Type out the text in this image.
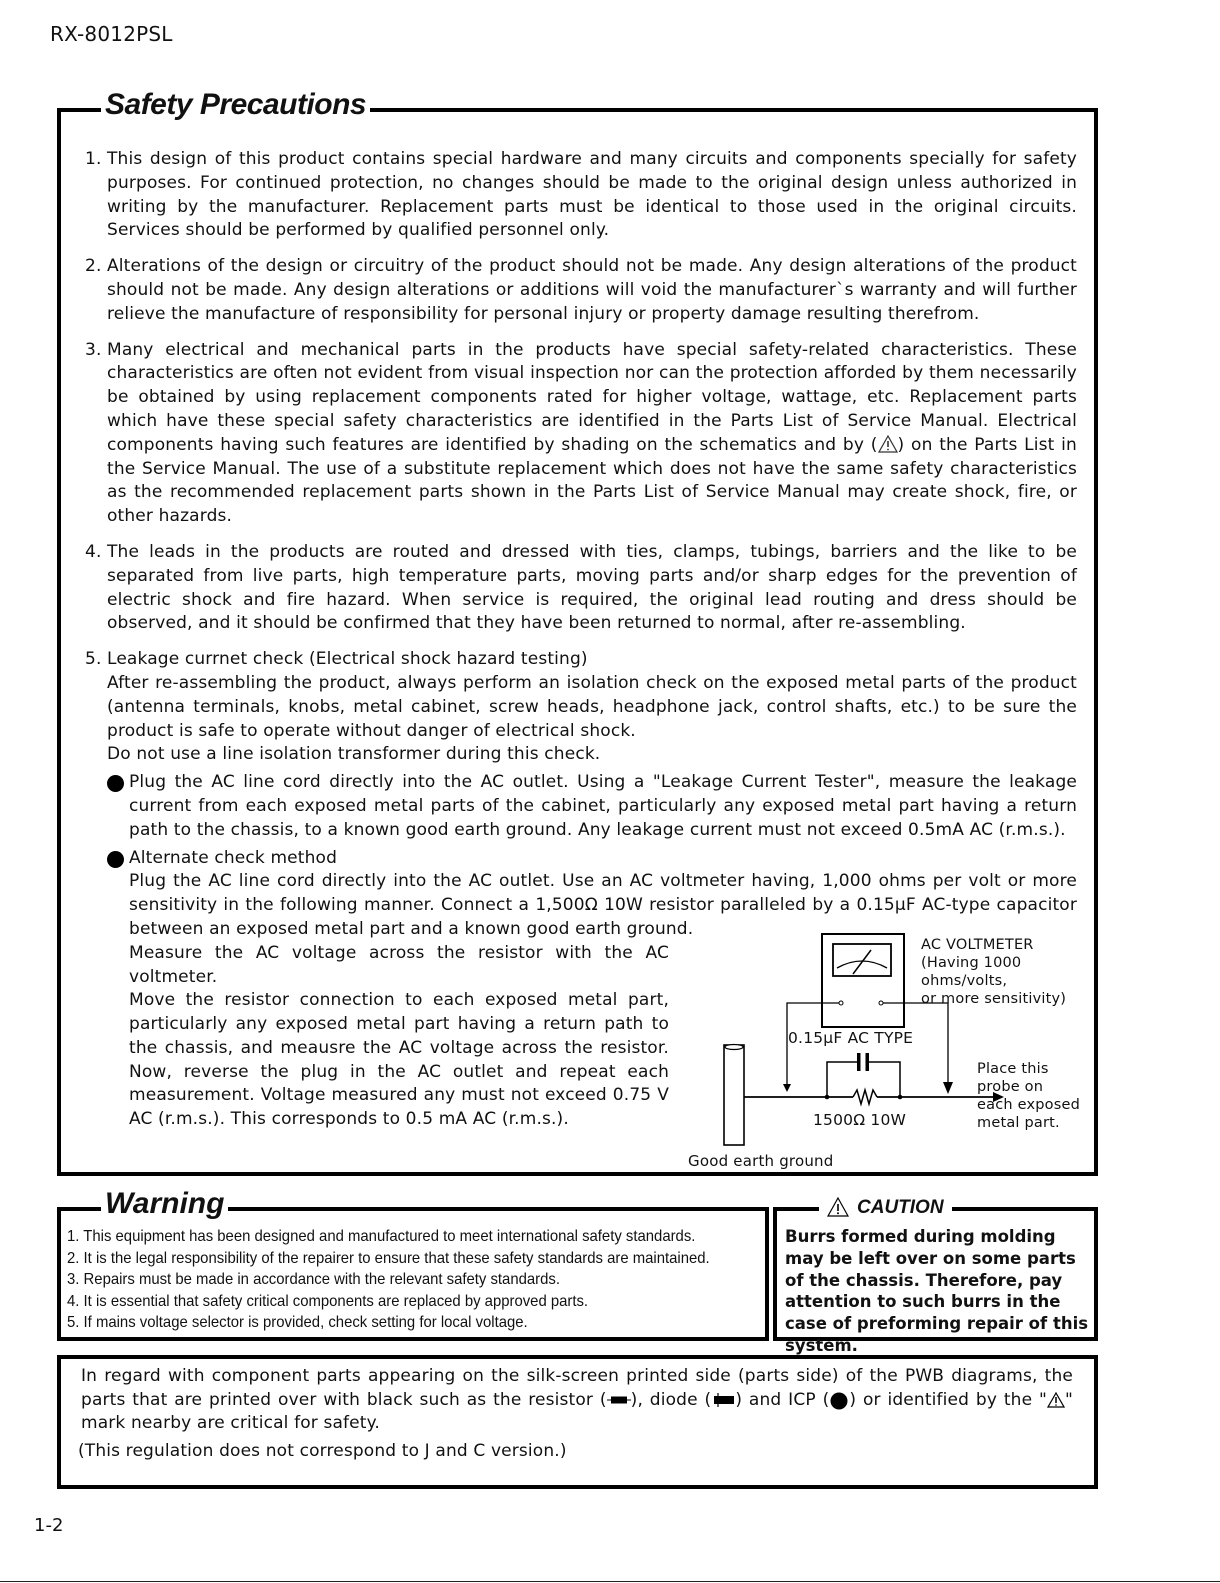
RX-8012PSL
Safety Precautions
1. This design of this product contains special hardware and many circuits and components specially for safety purposes. For continued protection, no changes should be made to the original design unless authorized in writing by the manufacturer. Replacement parts must be identical to those used in the original circuits. Services should be performed by qualified personnel only.

2. Alterations of the design or circuitry of the product should not be made. Any design alterations of the product should not be made. Any design alterations or additions will void the manufacturer`s warranty and will further relieve the manufacture of responsibility for personal injury or property damage resulting therefrom.

3. Many electrical and mechanical parts in the products have special safety-related characteristics. These characteristics are often not evident from visual inspection nor can the protection afforded by them necessarily be obtained by using replacement components rated for higher voltage, wattage, etc. Replacement parts which have these special safety characteristics are identified in the Parts List of Service Manual. Electrical components having such features are identified by shading on the schematics and by ( ) on the Parts List in the Service Manual. The use of a substitute replacement which does not have the same safety characteristics as the recommended replacement parts shown in the Parts List of Service Manual may create shock, fire, or other hazards.

4. The leads in the products are routed and dressed with ties, clamps, tubings, barriers and the like to be separated from live parts, high temperature parts, moving parts and/or sharp edges for the prevention of electric shock and fire hazard. When service is required, the original lead routing and dress should be observed, and it should be confirmed that they have been returned to normal, after re-assembling.

5. Leakage currnet check (Electrical shock hazard testing)

After re-assembling the product, always perform an isolation check on the exposed metal parts of the product (antenna terminals, knobs, metal cabinet, screw heads, headphone jack, control shafts, etc.) to be sure the product is safe to operate without danger of electrical shock.

Do not use a line isolation transformer during this check.

Plug the AC line cord directly into the AC outlet. Using a "Leakage Current Tester", measure the leakage current from each exposed metal parts of the cabinet, particularly any exposed metal part having a return path to the chassis, to a known good earth ground. Any leakage current must not exceed 0.5mA AC (r.m.s.).

Alternate check method

Plug the AC line cord directly into the AC outlet. Use an AC voltmeter having, 1,000 ohms per volt or more sensitivity in the following manner. Connect a 1,500Ω 10W resistor paralleled by a 0.15μF AC-type capacitor between an exposed metal part and a known good earth ground.

Measure the AC voltage across the resistor with the AC voltmeter.

Move the resistor connection to each exposed metal part, particularly any exposed metal part having a return path to the chassis, and meausre the AC voltage across the resistor. Now, reverse the plug in the AC outlet and repeat each measurement. Voltage measured any must not exceed 0.75 V AC (r.m.s.). This corresponds to 0.5 mA AC (r.m.s.).

AC VOLTMETER
(Having 1000
ohms/volts,
or more sensitivity)
0.15μF AC TYPE
1500Ω 10W
Place this
probe on
each exposed
metal part.
Good earth ground
Warning
1. This equipment has been designed and manufactured to meet international safety standards.
2. It is the legal responsibility of the repairer to ensure that these safety standards are maintained.
3. Repairs must be made in accordance with the relevant safety standards.
4. It is essential that safety critical components are replaced by approved parts.
5. If mains voltage selector is provided, check setting for local voltage.
CAUTION
Burrs formed during molding may be left over on some parts of the chassis. Therefore, pay attention to such burrs in the case of preforming repair of this system.

In regard with component parts appearing on the silk-screen printed side (parts side) of the PWB diagrams, the parts that are printed over with black such as the resistor ( ), diode ( ) and ICP ( ) or identified by the " " mark nearby are critical for safety.

(This regulation does not correspond to J and C version.)

1-2
